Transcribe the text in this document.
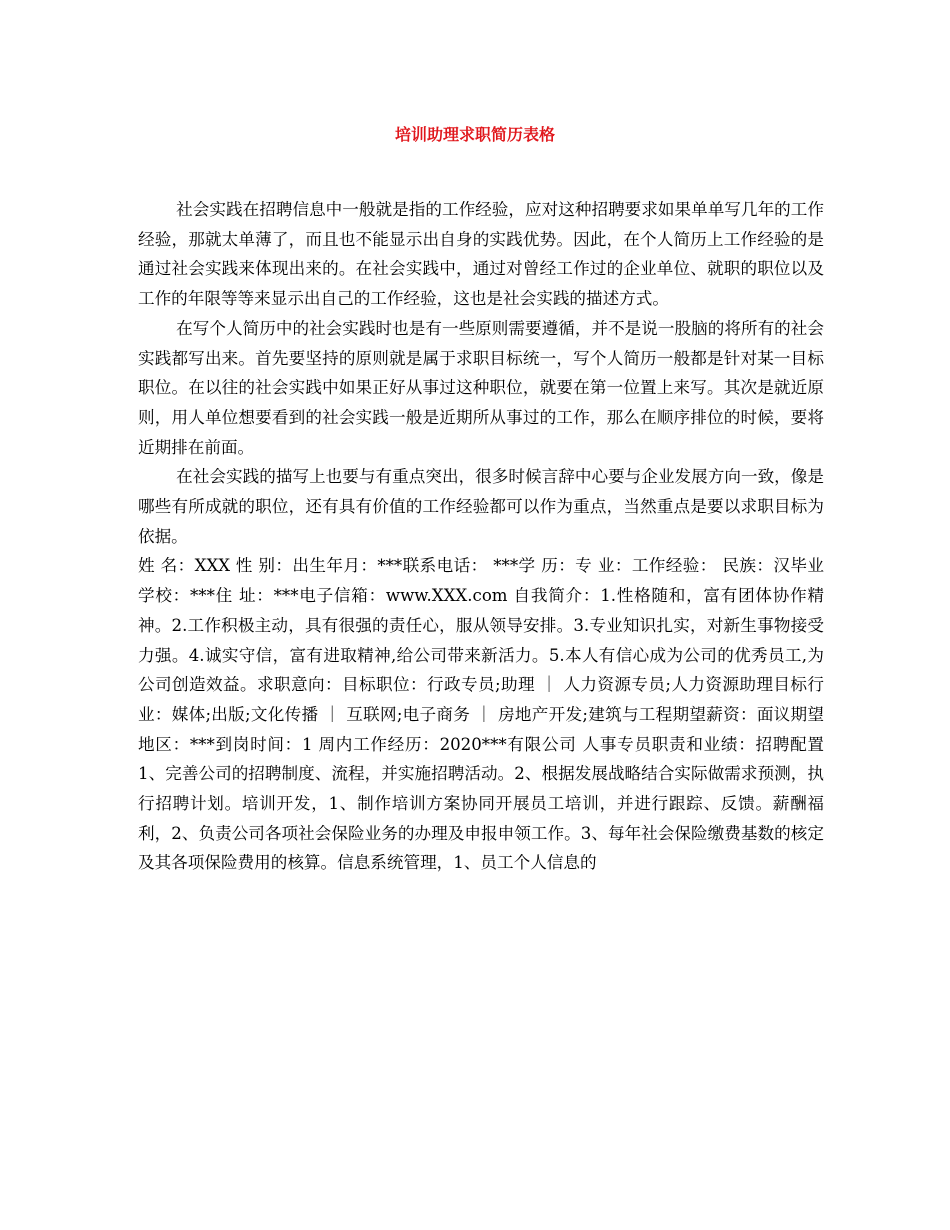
培训助理求职简历表格

社会实践在招聘信息中一般就是指的工作经验，应对这种招聘要求如果单单写几年的工作经验，那就太单薄了，而且也不能显示出自身的实践优势。因此，在个人简历上工作经验的是通过社会实践来体现出来的。在社会实践中，通过对曾经工作过的企业单位、就职的职位以及工作的年限等等来显示出自己的工作经验，这也是社会实践的描述方式。

在写个人简历中的社会实践时也是有一些原则需要遵循，并不是说一股脑的将所有的社会实践都写出来。首先要坚持的原则就是属于求职目标统一，写个人简历一般都是针对某一目标职位。在以往的社会实践中如果正好从事过这种职位，就要在第一位置上来写。其次是就近原则，用人单位想要看到的社会实践一般是近期所从事过的工作，那么在顺序排位的时候，要将近期排在前面。

在社会实践的描写上也要与有重点突出，很多时候言辞中心要与企业发展方向一致，像是哪些有所成就的职位，还有具有价值的工作经验都可以作为重点，当然重点是要以求职目标为依据。

姓 名：XXX 性 别：出生年月：***联系电话： ***学 历：专 业：工作经验： 民族：汉毕业学校：***住 址：***电子信箱：www.XXX.com 自我简介：1.性格随和，富有团体协作精神。2.工作积极主动，具有很强的责任心，服从领导安排。3.专业知识扎实，对新生事物接受力强。4.诚实守信，富有进取精神,给公司带来新活力。5.本人有信心成为公司的优秀员工,为公司创造效益。求职意向：目标职位：行政专员;助理 ｜ 人力资源专员;人力资源助理目标行业：媒体;出版;文化传播 ｜ 互联网;电子商务 ｜ 房地产开发;建筑与工程期望薪资：面议期望地区：***到岗时间：1 周内工作经历：2020***有限公司 人事专员职责和业绩：招聘配置 1、完善公司的招聘制度、流程，并实施招聘活动。2、根据发展战略结合实际做需求预测，执行招聘计划。培训开发，1、制作培训方案协同开展员工培训，并进行跟踪、反馈。薪酬福利，2、负责公司各项社会保险业务的办理及申报申领工作。3、每年社会保险缴费基数的核定及其各项保险费用的核算。信息系统管理，1、员工个人信息的
